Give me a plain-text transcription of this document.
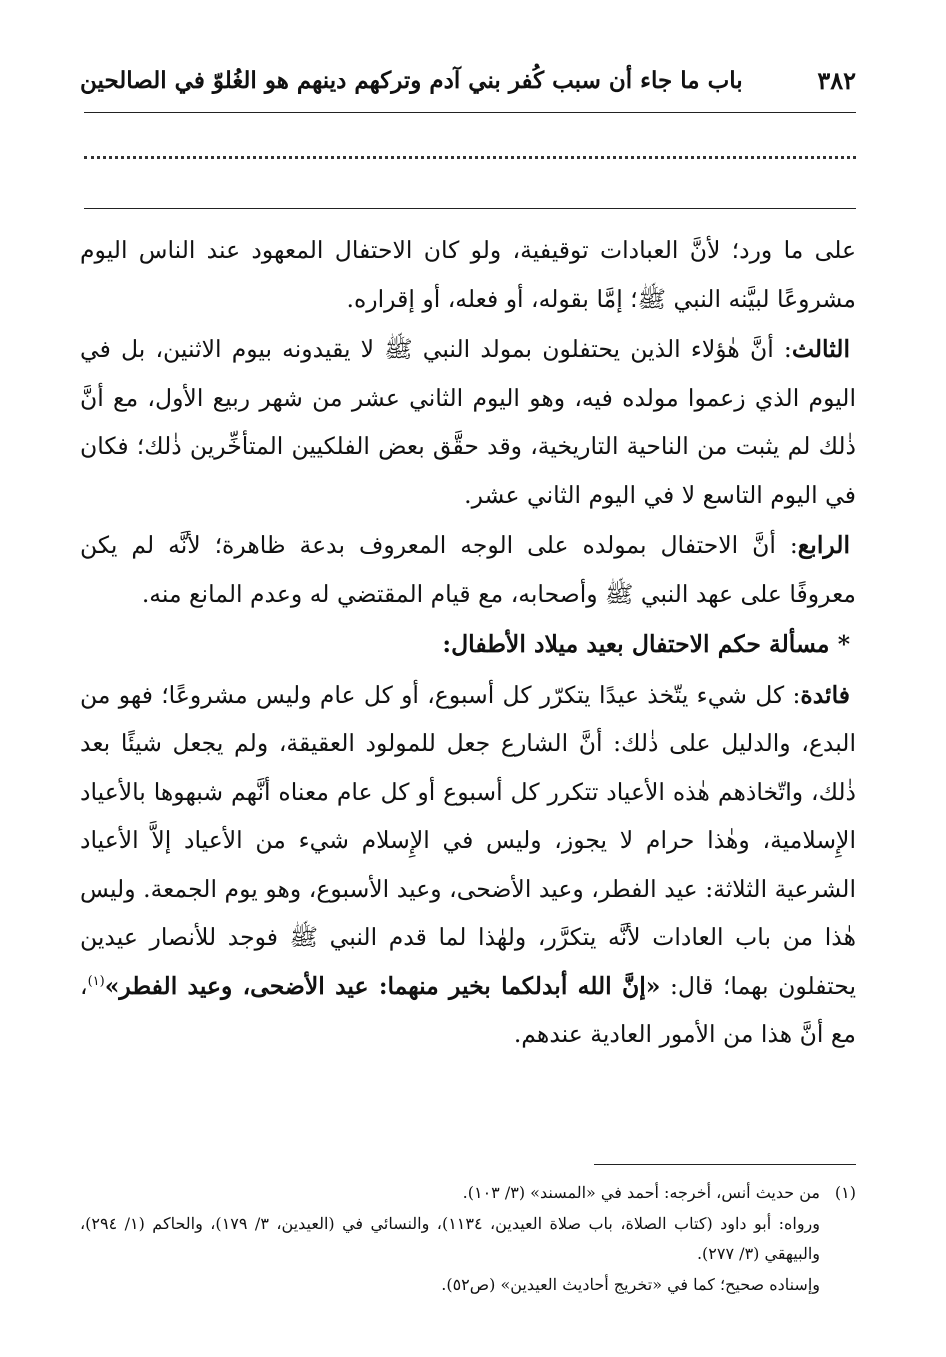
٣٨٢
باب ما جاء أن سبب كُفر بني آدم وتركهم دينهم هو الغُلوّ في الصالحين

على ما ورد؛ لأنَّ العبادات توقيفية، ولو كان الاحتفال المعهود عند الناس اليوم مشروعًا لبيَّنه النبي ﷺ؛ إمَّا بقوله، أو فعله، أو إقراره.

الثالث: أنَّ هٰؤلاء الذين يحتفلون بمولد النبي ﷺ لا يقيدونه بيوم الاثنين، بل في اليوم الذي زعموا مولده فيه، وهو اليوم الثاني عشر من شهر ربيع الأول، مع أنَّ ذٰلك لم يثبت من الناحية التاريخية، وقد حقَّق بعض الفلكيين المتأخِّرين ذٰلك؛ فكان في اليوم التاسع لا في اليوم الثاني عشر.

الرابع: أنَّ الاحتفال بمولده على الوجه المعروف بدعة ظاهرة؛ لأنَّه لم يكن معروفًا على عهد النبي ﷺ وأصحابه، مع قيام المقتضي له وعدم المانع منه.

* مسألة حكم الاحتفال بعيد ميلاد الأطفال:

فائدة: كل شيء يتّخذ عيدًا يتكرّر كل أسبوع، أو كل عام وليس مشروعًا؛ فهو من البدع، والدليل على ذٰلك: أنَّ الشارع جعل للمولود العقيقة، ولم يجعل شيئًا بعد ذٰلك، واتّخاذهم هٰذه الأعياد تتكرر كل أسبوع أو كل عام معناه أنَّهم شبهوها بالأعياد الإِسلامية، وهٰذا حرام لا يجوز، وليس في الإِسلام شيء من الأعياد إلاَّ الأعياد الشرعية الثلاثة: عيد الفطر، وعيد الأضحى، وعيد الأسبوع، وهو يوم الجمعة. وليس هٰذا من باب العادات لأنَّه يتكرَّر، ولهٰذا لما قدم النبي ﷺ فوجد للأنصار عيدين يحتفلون بهما؛ قال: «إنَّ الله أبدلكما بخير منهما: عيد الأضحى، وعيد الفطر»$^{(١)}$، مع أنَّ هذا من الأمور العادية عندهم.

(١)من حديث أنس، أخرجه: أحمد في «المسند» (٣/ ١٠٣).

ورواه: أبو داود (كتاب الصلاة، باب صلاة العيدين، ١١٣٤)، والنسائي في (العيدين، ٣/ ١٧٩)، والحاكم (١/ ٢٩٤)، والبيهقي (٣/ ٢٧٧).

وإسناده صحيح؛ كما في «تخريج أحاديث العيدين» (ص٥٢).
